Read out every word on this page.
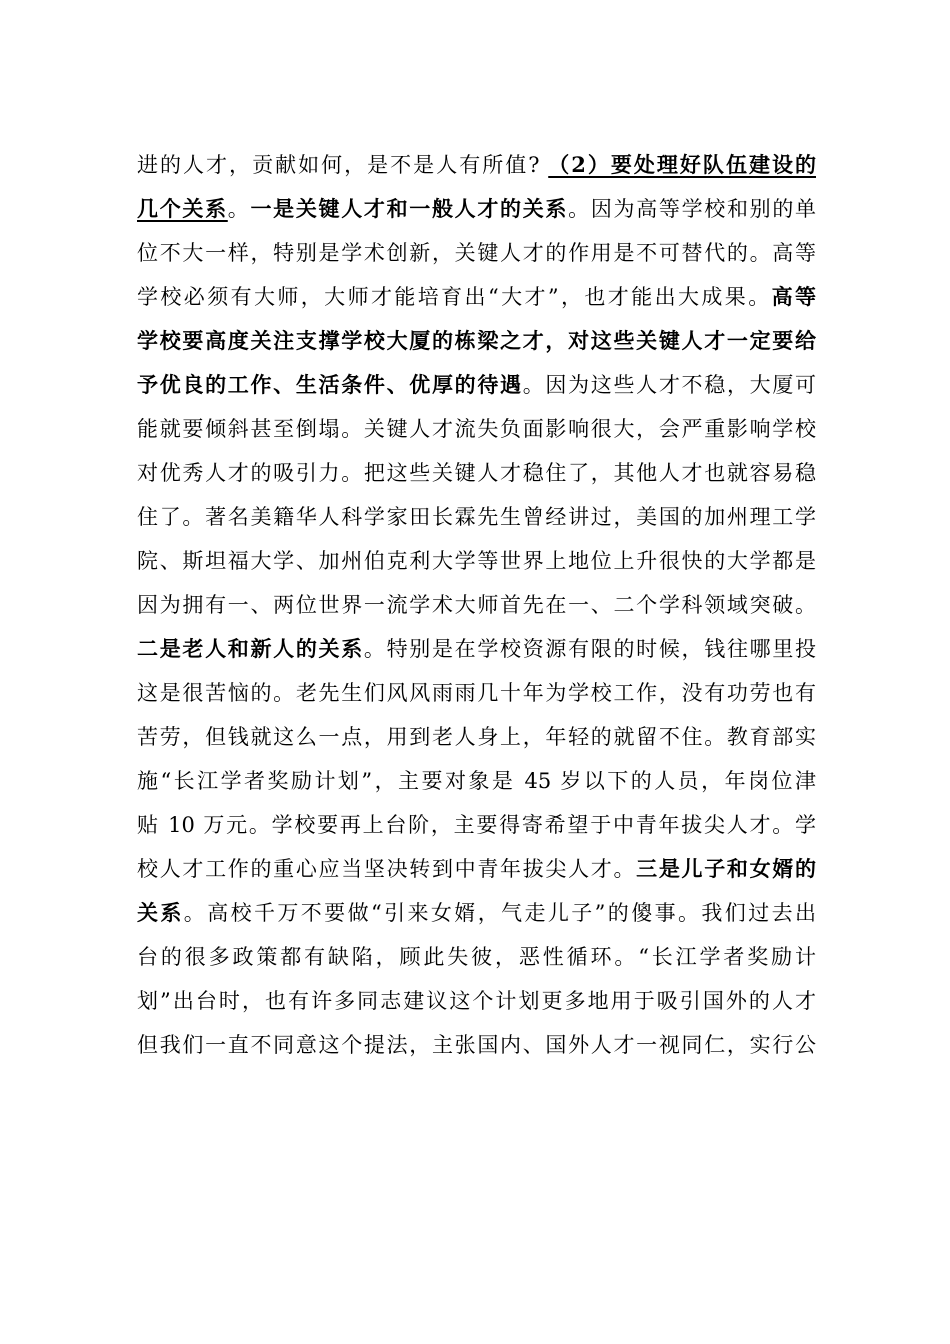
进的人才，贡献如何，是不是人有所值? （2）要处理好队伍建设的
几个关系。一是关键人才和一般人才的关系。因为高等学校和别的单
位不大一样，特别是学术创新，关键人才的作用是不可替代的。高等
学校必须有大师，大师才能培育出“大才”，也才能出大成果。高等
学校要高度关注支撑学校大厦的栋梁之才，对这些关键人才一定要给
予优良的工作、生活条件、优厚的待遇。因为这些人才不稳，大厦可
能就要倾斜甚至倒塌。关键人才流失负面影响很大，会严重影响学校
对优秀人才的吸引力。把这些关键人才稳住了，其他人才也就容易稳
住了。著名美籍华人科学家田长霖先生曾经讲过，美国的加州理工学
院、斯坦福大学、加州伯克利大学等世界上地位上升很快的大学都是
因为拥有一、两位世界一流学术大师首先在一、二个学科领域突破。
二是老人和新人的关系。特别是在学校资源有限的时候，钱往哪里投
这是很苦恼的。老先生们风风雨雨几十年为学校工作，没有功劳也有
苦劳，但钱就这么一点，用到老人身上，年轻的就留不住。教育部实
施“长江学者奖励计划”，主要对象是 45 岁以下的人员，年岗位津
贴 10 万元。学校要再上台阶，主要得寄希望于中青年拔尖人才。学
校人才工作的重心应当坚决转到中青年拔尖人才。三是儿子和女婿的
关系。高校千万不要做“引来女婿，气走儿子”的傻事。我们过去出
台的很多政策都有缺陷，顾此失彼，恶性循环。“长江学者奖励计
划”出台时，也有许多同志建议这个计划更多地用于吸引国外的人才
但我们一直不同意这个提法，主张国内、国外人才一视同仁，实行公
